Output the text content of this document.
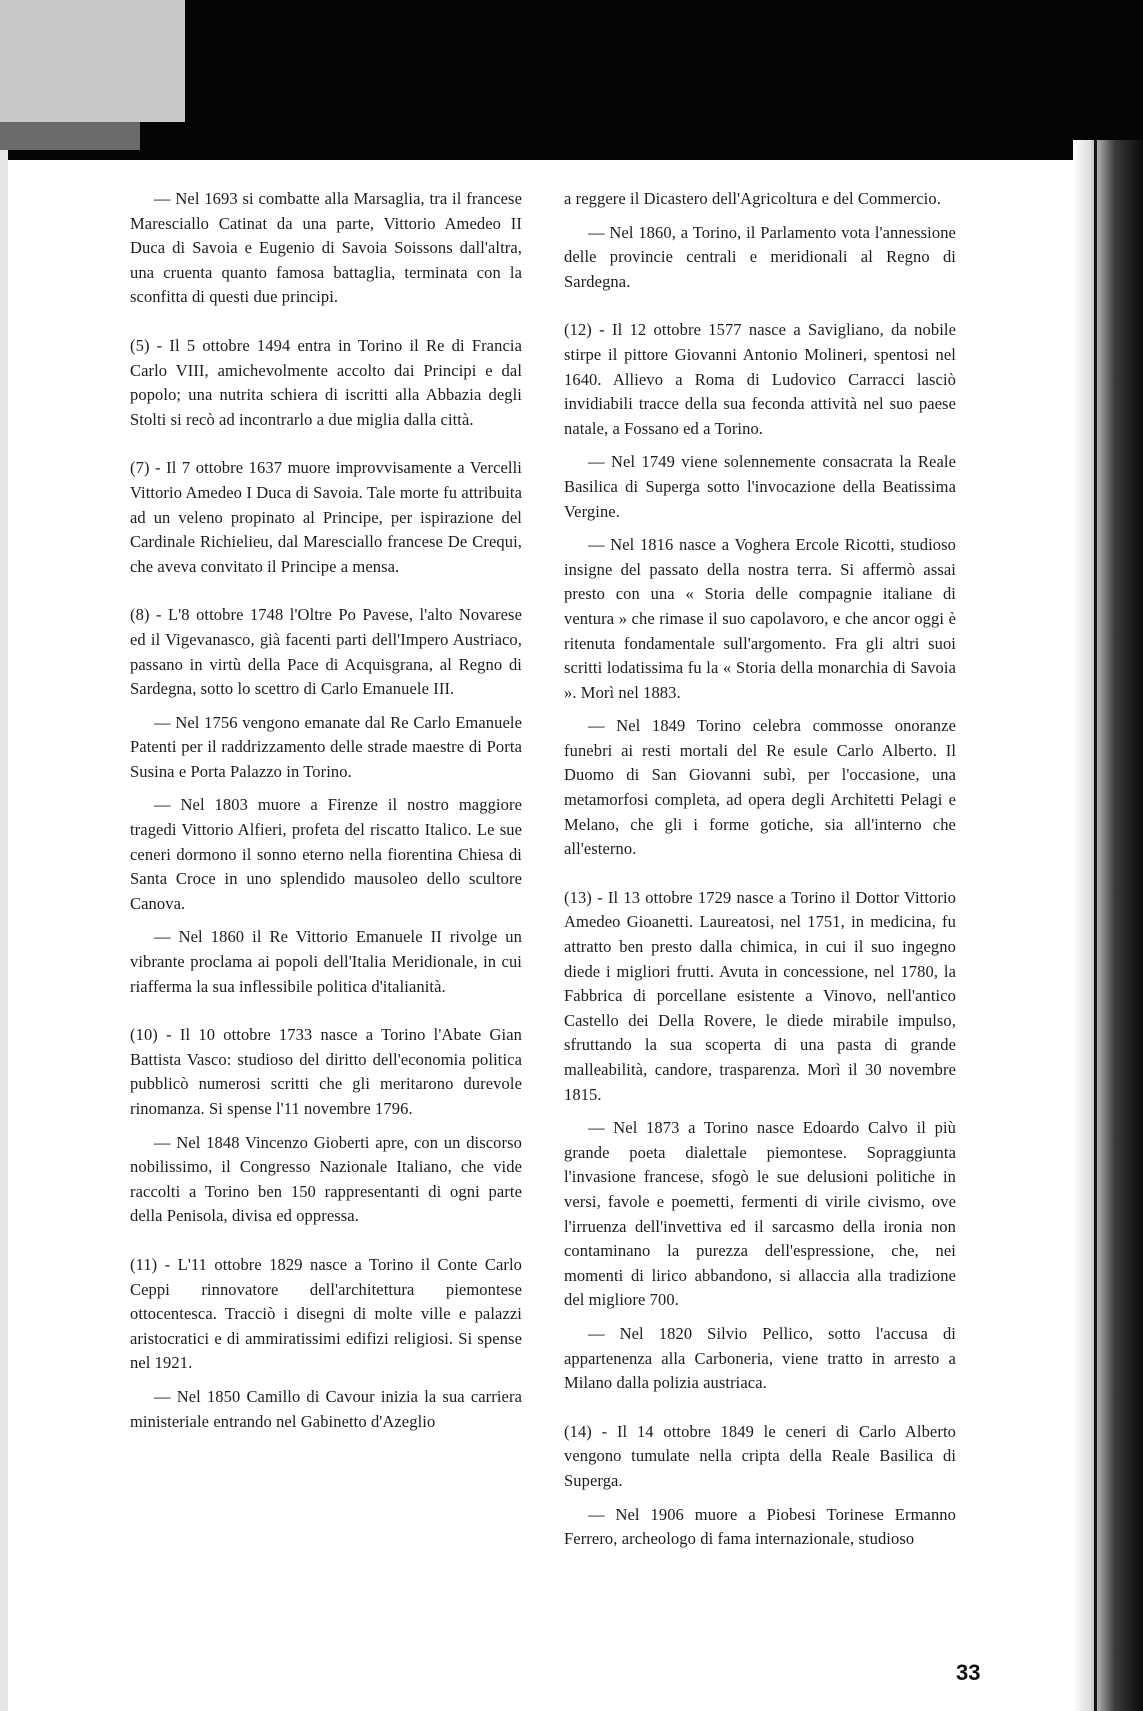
— Nel 1693 si combatte alla Marsaglia, tra il francese Maresciallo Catinat da una parte, Vittorio Amedeo II Duca di Savoia e Eugenio di Savoia Soissons dall'altra, una cruenta quanto famosa battaglia, terminata con la sconfitta di questi due principi.

(5) - Il 5 ottobre 1494 entra in Torino il Re di Francia Carlo VIII, amichevolmente accolto dai Principi e dal popolo; una nutrita schiera di iscritti alla Abbazia degli Stolti si recò ad incontrarlo a due miglia dalla città.

(7) - Il 7 ottobre 1637 muore improvvisamente a Vercelli Vittorio Amedeo I Duca di Savoia. Tale morte fu attribuita ad un veleno propinato al Principe, per ispirazione del Cardinale Richielieu, dal Maresciallo francese De Crequi, che aveva convitato il Principe a mensa.

(8) - L'8 ottobre 1748 l'Oltre Po Pavese, l'alto Novarese ed il Vigevanasco, già facenti parti dell'Impero Austriaco, passano in virtù della Pace di Acquisgrana, al Regno di Sardegna, sotto lo scettro di Carlo Emanuele III.

— Nel 1756 vengono emanate dal Re Carlo Emanuele Patenti per il raddrizzamento delle strade maestre di Porta Susina e Porta Palazzo in Torino.

— Nel 1803 muore a Firenze il nostro maggiore tragedi Vittorio Alfieri, profeta del riscatto Italico. Le sue ceneri dormono il sonno eterno nella fiorentina Chiesa di Santa Croce in uno splendido mausoleo dello scultore Canova.

— Nel 1860 il Re Vittorio Emanuele II rivolge un vibrante proclama ai popoli dell'Italia Meridionale, in cui riafferma la sua inflessibile politica d'italianità.

(10) - Il 10 ottobre 1733 nasce a Torino l'Abate Gian Battista Vasco: studioso del diritto dell'economia politica pubblicò numerosi scritti che gli meritarono durevole rinomanza. Si spense l'11 novembre 1796.

— Nel 1848 Vincenzo Gioberti apre, con un discorso nobilissimo, il Congresso Nazionale Italiano, che vide raccolti a Torino ben 150 rappresentanti di ogni parte della Penisola, divisa ed oppressa.

(11) - L'11 ottobre 1829 nasce a Torino il Conte Carlo Ceppi rinnovatore dell'architettura piemontese ottocentesca. Tracciò i disegni di molte ville e palazzi aristocratici e di ammiratissimi edifizi religiosi. Si spense nel 1921.

— Nel 1850 Camillo di Cavour inizia la sua carriera ministeriale entrando nel Gabinetto d'Azeglio

a reggere il Dicastero dell'Agricoltura e del Commercio.

— Nel 1860, a Torino, il Parlamento vota l'annessione delle provincie centrali e meridionali al Regno di Sardegna.

(12) - Il 12 ottobre 1577 nasce a Savigliano, da nobile stirpe il pittore Giovanni Antonio Molineri, spentosi nel 1640. Allievo a Roma di Ludovico Carracci lasciò invidiabili tracce della sua feconda attività nel suo paese natale, a Fossano ed a Torino.

— Nel 1749 viene solennemente consacrata la Reale Basilica di Superga sotto l'invocazione della Beatissima Vergine.

— Nel 1816 nasce a Voghera Ercole Ricotti, studioso insigne del passato della nostra terra. Si affermò assai presto con una « Storia delle compagnie italiane di ventura » che rimase il suo capolavoro, e che ancor oggi è ritenuta fondamentale sull'argomento. Fra gli altri suoi scritti lodatissima fu la « Storia della monarchia di Savoia ». Morì nel 1883.

— Nel 1849 Torino celebra commosse onoranze funebri ai resti mortali del Re esule Carlo Alberto. Il Duomo di San Giovanni subì, per l'occasione, una metamorfosi completa, ad opera degli Architetti Pelagi e Melano, che gli i forme gotiche, sia all'interno che all'esterno.

(13) - Il 13 ottobre 1729 nasce a Torino il Dottor Vittorio Amedeo Gioanetti. Laureatosi, nel 1751, in medicina, fu attratto ben presto dalla chimica, in cui il suo ingegno diede i migliori frutti. Avuta in concessione, nel 1780, la Fabbrica di porcellane esistente a Vinovo, nell'antico Castello dei Della Rovere, le diede mirabile impulso, sfruttando la sua scoperta di una pasta di grande malleabilità, candore, trasparenza. Morì il 30 novembre 1815.

— Nel 1873 a Torino nasce Edoardo Calvo il più grande poeta dialettale piemontese. Sopraggiunta l'invasione francese, sfogò le sue delusioni politiche in versi, favole e poemetti, fermenti di virile civismo, ove l'irruenza dell'invettiva ed il sarcasmo della ironia non contaminano la purezza dell'espressione, che, nei momenti di lirico abbandono, si allaccia alla tradizione del migliore 700.

— Nel 1820 Silvio Pellico, sotto l'accusa di appartenenza alla Carboneria, viene tratto in arresto a Milano dalla polizia austriaca.

(14) - Il 14 ottobre 1849 le ceneri di Carlo Alberto vengono tumulate nella cripta della Reale Basilica di Superga.

— Nel 1906 muore a Piobesi Torinese Ermanno Ferrero, archeologo di fama internazionale, studioso

33
